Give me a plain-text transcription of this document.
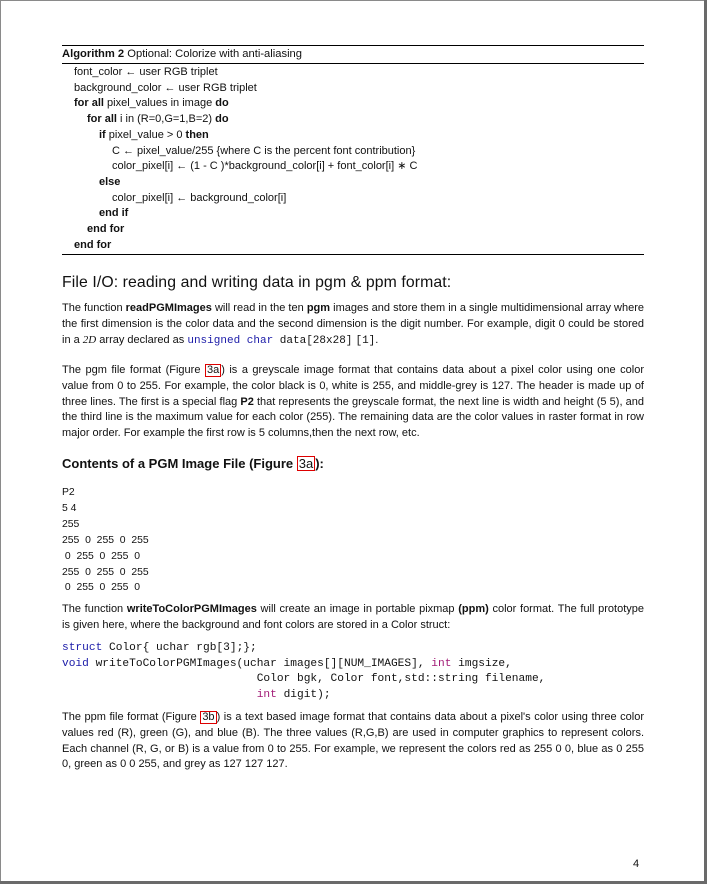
Algorithm 2 Optional: Colorize with anti-aliasing
font_color ← user RGB triplet
background_color ← user RGB triplet
for all pixel_values in image do
for all i in (R=0,G=1,B=2) do
if pixel_value > 0 then
C ← pixel_value/255 {where C is the percent font contribution}
color_pixel[i] ← (1 - C )*background_color[i] + font_color[i] ∗ C
else
color_pixel[i] ← background_color[i]
end if
end for
end for
File I/O: reading and writing data in pgm & ppm format:
The function readPGMImages will read in the ten pgm images and store them in a single multidimensional array where the first dimension is the color data and the second dimension is the digit number. For example, digit 0 could be stored in a 2D array declared as unsigned char data[28x28] [1].
The pgm file format (Figure 3a ) is a greyscale image format that contains data about a pixel color using one color value from 0 to 255. For example, the color black is 0, white is 255, and middle-grey is 127. The header is made up of three lines. The first is a special flag P2 that represents the greyscale format, the next line is width and height (5 5), and the third line is the maximum value for each color (255). The remaining data are the color values in raster format in row major order. For example the first row is 5 columns,then the next row, etc.
Contents of a PGM Image File (Figure 3a ):
P2
5 4
255
255  0  255  0  255
0  255  0  255  0
255  0  255  0  255
0  255  0  255  0
The function writeToColorPGMImages will create an image in portable pixmap (ppm) color format. The full prototype is given here, where the background and font colors are stored in a Color struct:
struct Color{ uchar rgb[3];};
void writeToColorPGMImages(uchar images[][NUM_IMAGES], int imgsize,
Color bgk, Color font,std::string filename,
int digit);
The ppm file format (Figure 3b ) is a text based image format that contains data about a pixel's color using three color values red (R), green (G), and blue (B). The three values (R,G,B) are used in computer graphics to represent colors. Each channel (R, G, or B) is a value from 0 to 255. For example, we represent the colors red as 255 0 0, blue as 0 255 0, green as 0 0 255, and grey as 127 127 127.
4
